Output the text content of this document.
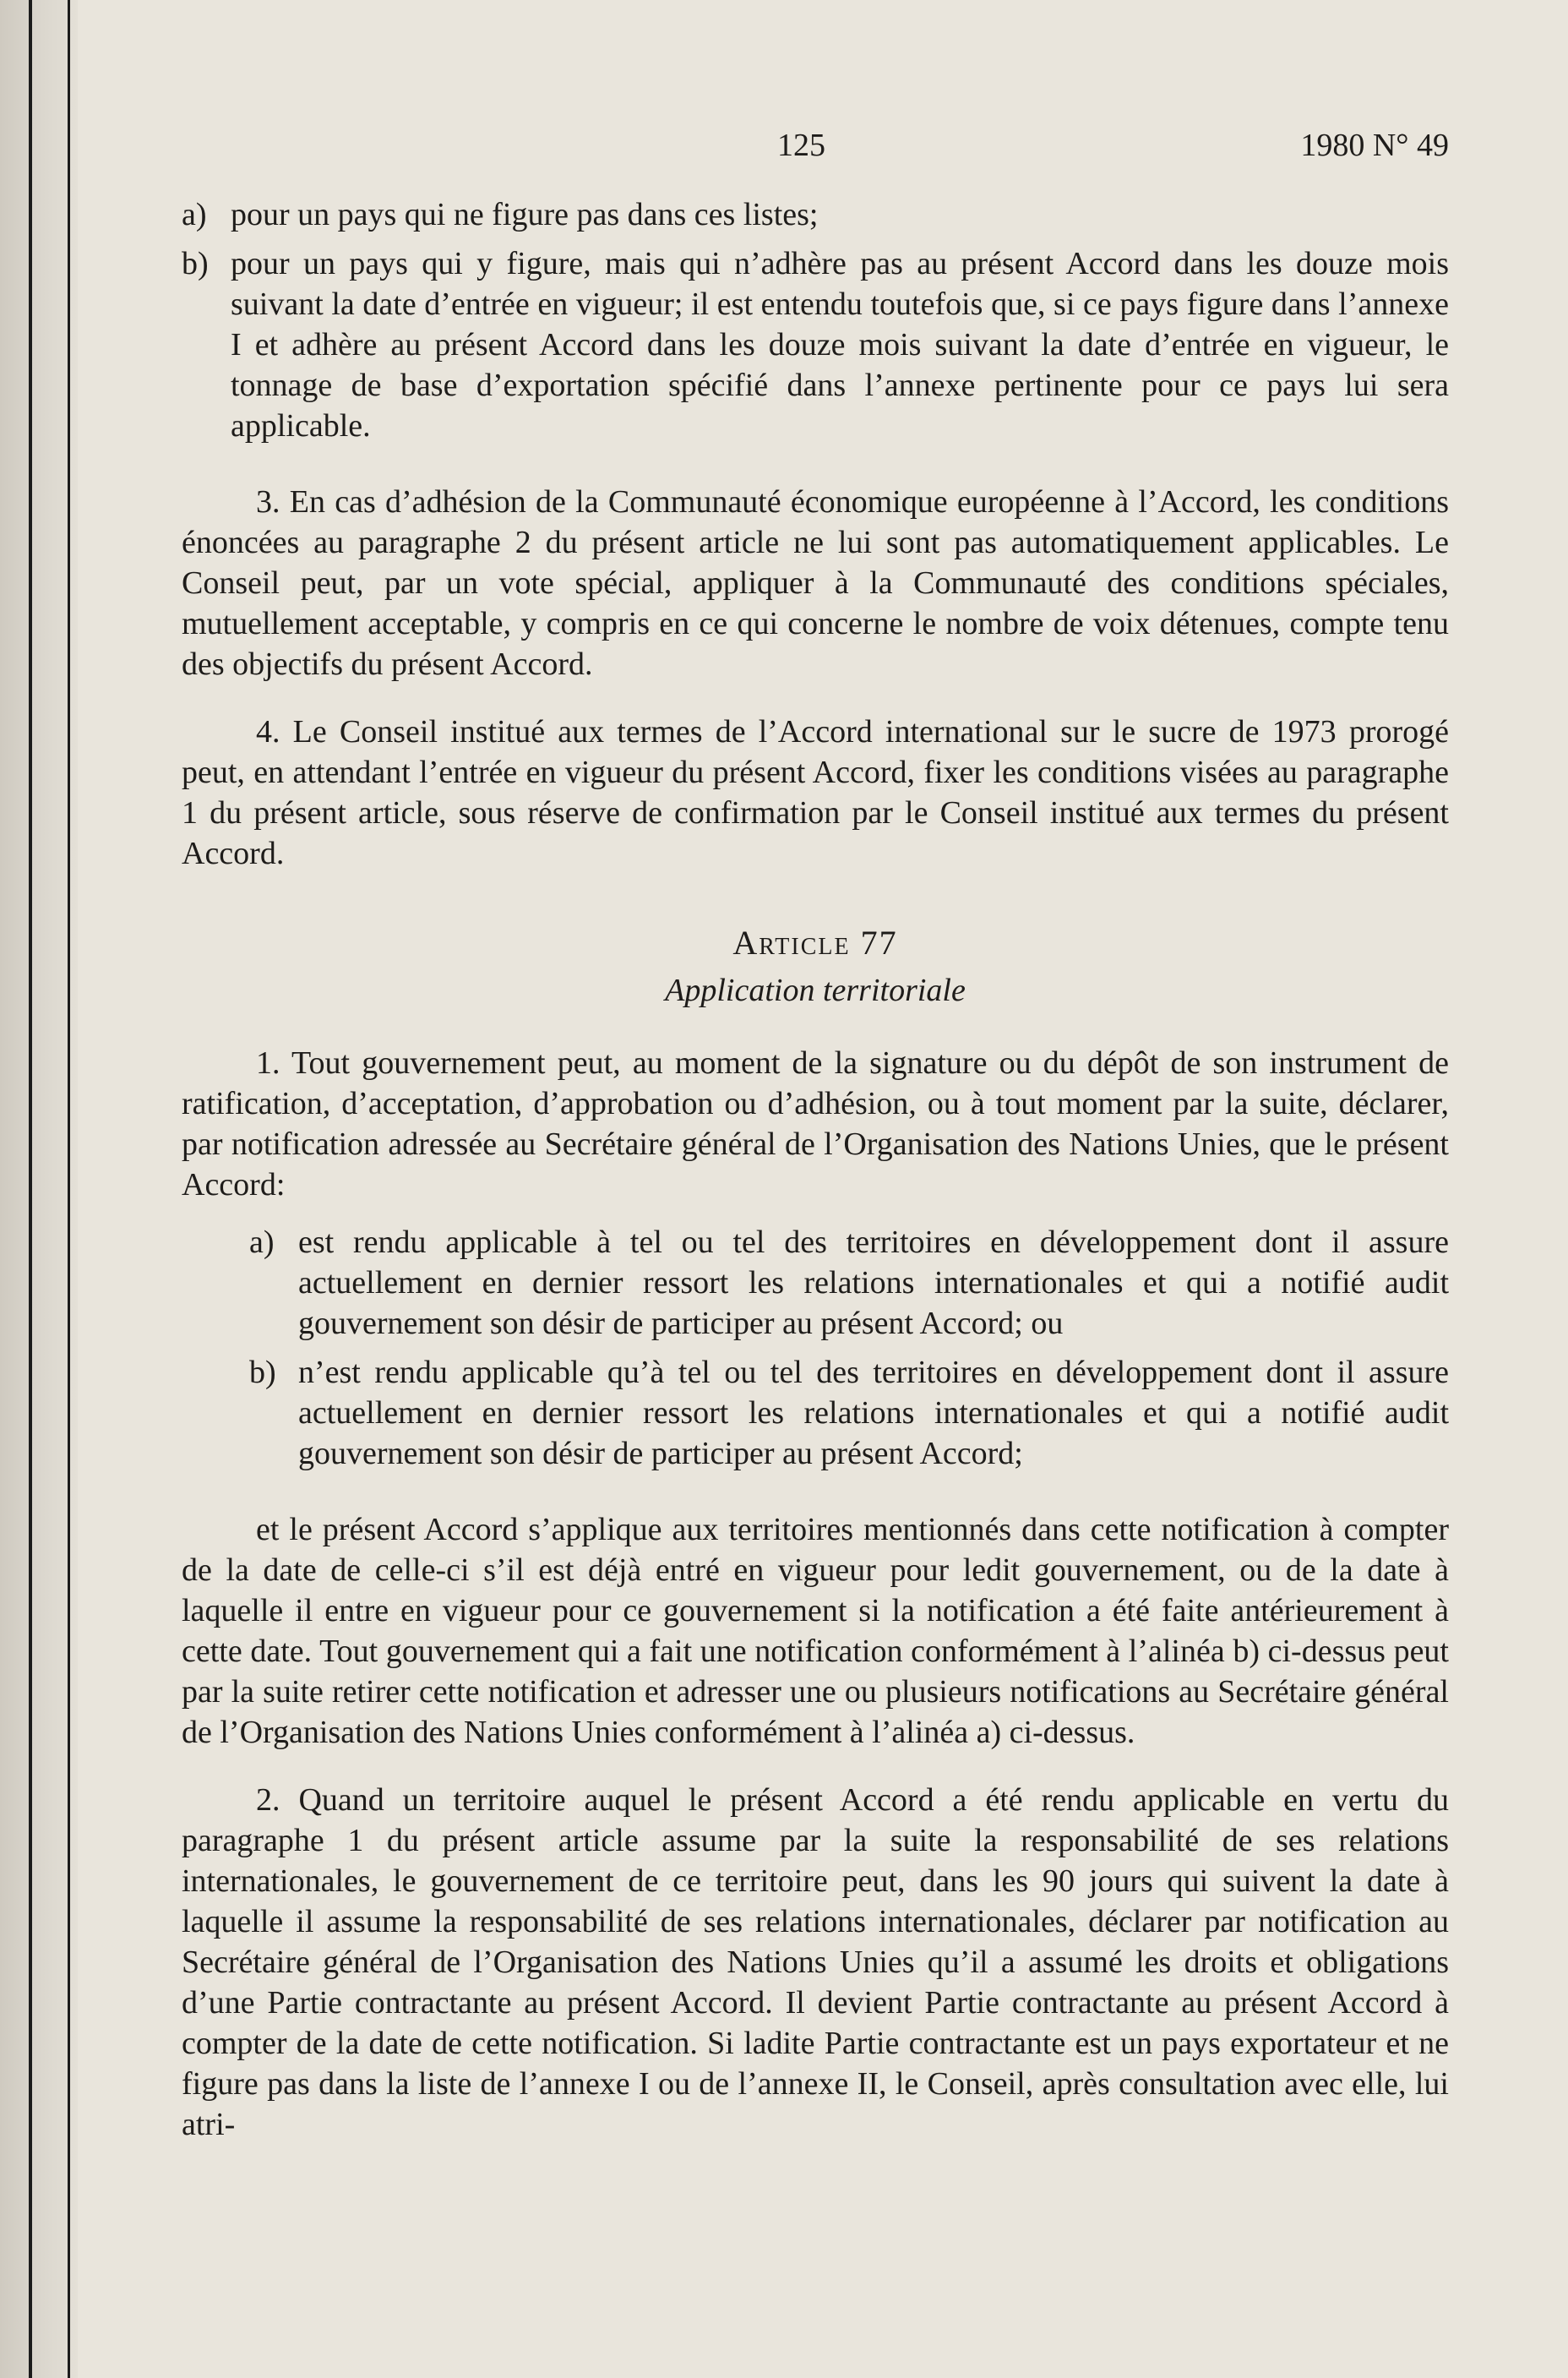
125	1980 N° 49
a) pour un pays qui ne figure pas dans ces listes;
b) pour un pays qui y figure, mais qui n’adhère pas au présent Accord dans les douze mois suivant la date d’entrée en vigueur; il est entendu toutefois que, si ce pays figure dans l’annexe I et adhère au présent Accord dans les douze mois suivant la date d’entrée en vigueur, le tonnage de base d’exportation spécifié dans l’annexe pertinente pour ce pays lui sera applicable.

3. En cas d’adhésion de la Communauté économique européenne à l’Accord, les conditions énoncées au paragraphe 2 du présent article ne lui sont pas automatiquement applicables. Le Conseil peut, par un vote spécial, appliquer à la Communauté des conditions spéciales, mutuellement acceptable, y compris en ce qui concerne le nombre de voix détenues, compte tenu des objectifs du présent Accord.

4. Le Conseil institué aux termes de l’Accord international sur le sucre de 1973 prorogé peut, en attendant l’entrée en vigueur du présent Accord, fixer les conditions visées au paragraphe 1 du présent article, sous réserve de confirmation par le Conseil institué aux termes du présent Accord.

Article 77
Application territoriale

1. Tout gouvernement peut, au moment de la signature ou du dépôt de son instrument de ratification, d’acceptation, d’approbation ou d’adhésion, ou à tout moment par la suite, déclarer, par notification adressée au Secrétaire général de l’Organisation des Nations Unies, que le présent Accord:

a) est rendu applicable à tel ou tel des territoires en développement dont il assure actuellement en dernier ressort les relations internationales et qui a notifié audit gouvernement son désir de participer au présent Accord; ou
b) n’est rendu applicable qu’à tel ou tel des territoires en développement dont il assure actuellement en dernier ressort les relations internationales et qui a notifié audit gouvernement son désir de participer au présent Accord;

et le présent Accord s’applique aux territoires mentionnés dans cette notification à compter de la date de celle-ci s’il est déjà entré en vigueur pour ledit gouvernement, ou de la date à laquelle il entre en vigueur pour ce gouvernement si la notification a été faite antérieurement à cette date. Tout gouvernement qui a fait une notification conformément à l’alinéa b) ci-dessus peut par la suite retirer cette notification et adresser une ou plusieurs notifications au Secrétaire général de l’Organisation des Nations Unies conformément à l’alinéa a) ci-dessus.

2. Quand un territoire auquel le présent Accord a été rendu applicable en vertu du paragraphe 1 du présent article assume par la suite la responsabilité de ses relations internationales, le gouvernement de ce territoire peut, dans les 90 jours qui suivent la date à laquelle il assume la responsabilité de ses relations internationales, déclarer par notification au Secrétaire général de l’Organisation des Nations Unies qu’il a assumé les droits et obligations d’une Partie contractante au présent Accord. Il devient Partie contractante au présent Accord à compter de la date de cette notification. Si ladite Partie contractante est un pays exportateur et ne figure pas dans la liste de l’annexe I ou de l’annexe II, le Conseil, après consultation avec elle, lui atri-
